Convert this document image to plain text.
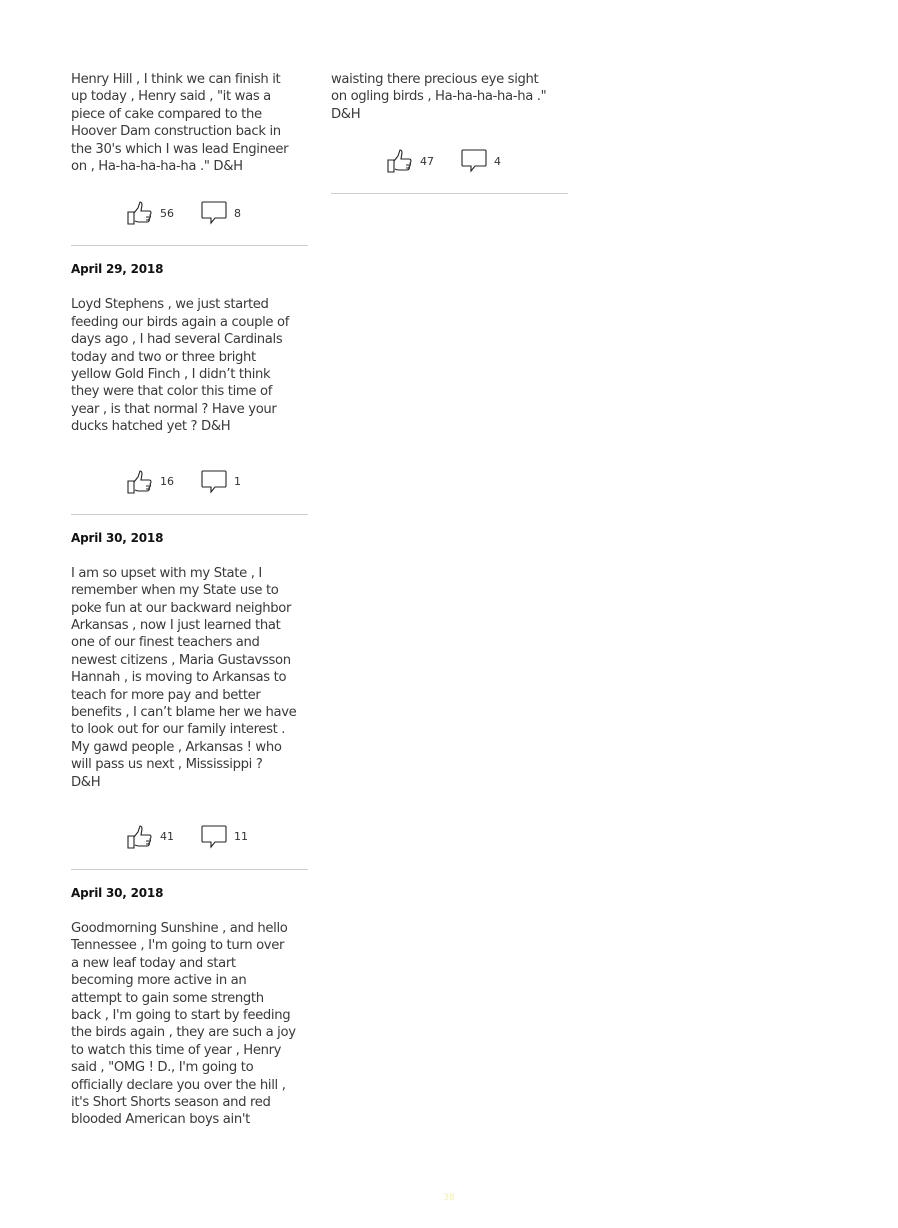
Henry Hill , I think we can finish it
up today , Henry said , "it was a
piece of cake compared to the
Hoover Dam construction back in
the 30's which I was lead Engineer
on , Ha-ha-ha-ha-ha ." D&H

56	8

April 29, 2018

Loyd Stephens , we just started
feeding our birds again a couple of
days ago , I had several Cardinals
today and two or three bright
yellow Gold Finch , I didn’t think
they were that color this time of
year , is that normal ? Have your
ducks hatched yet ? D&H

16	1

April 30, 2018

I am so upset with my State , I
remember when my State use to
poke fun at our backward neighbor
Arkansas , now I just learned that
one of our finest teachers and
newest citizens , Maria Gustavsson
Hannah , is moving to Arkansas to
teach for more pay and better
benefits , I can’t blame her we have
to look out for our family interest .
My gawd people , Arkansas ! who
will pass us next , Mississippi ?
D&H

41	11

April 30, 2018

Goodmorning Sunshine , and hello
Tennessee , I'm going to turn over
a new leaf today and start
becoming more active in an
attempt to gain some strength
back , I'm going to start by feeding
the birds again , they are such a joy
to watch this time of year , Henry
said , "OMG ! D., I'm going to
officially declare you over the hill ,
it's Short Shorts season and red
blooded American boys ain't

waisting there precious eye sight
on ogling birds , Ha-ha-ha-ha-ha ."
D&H

47	4
38
